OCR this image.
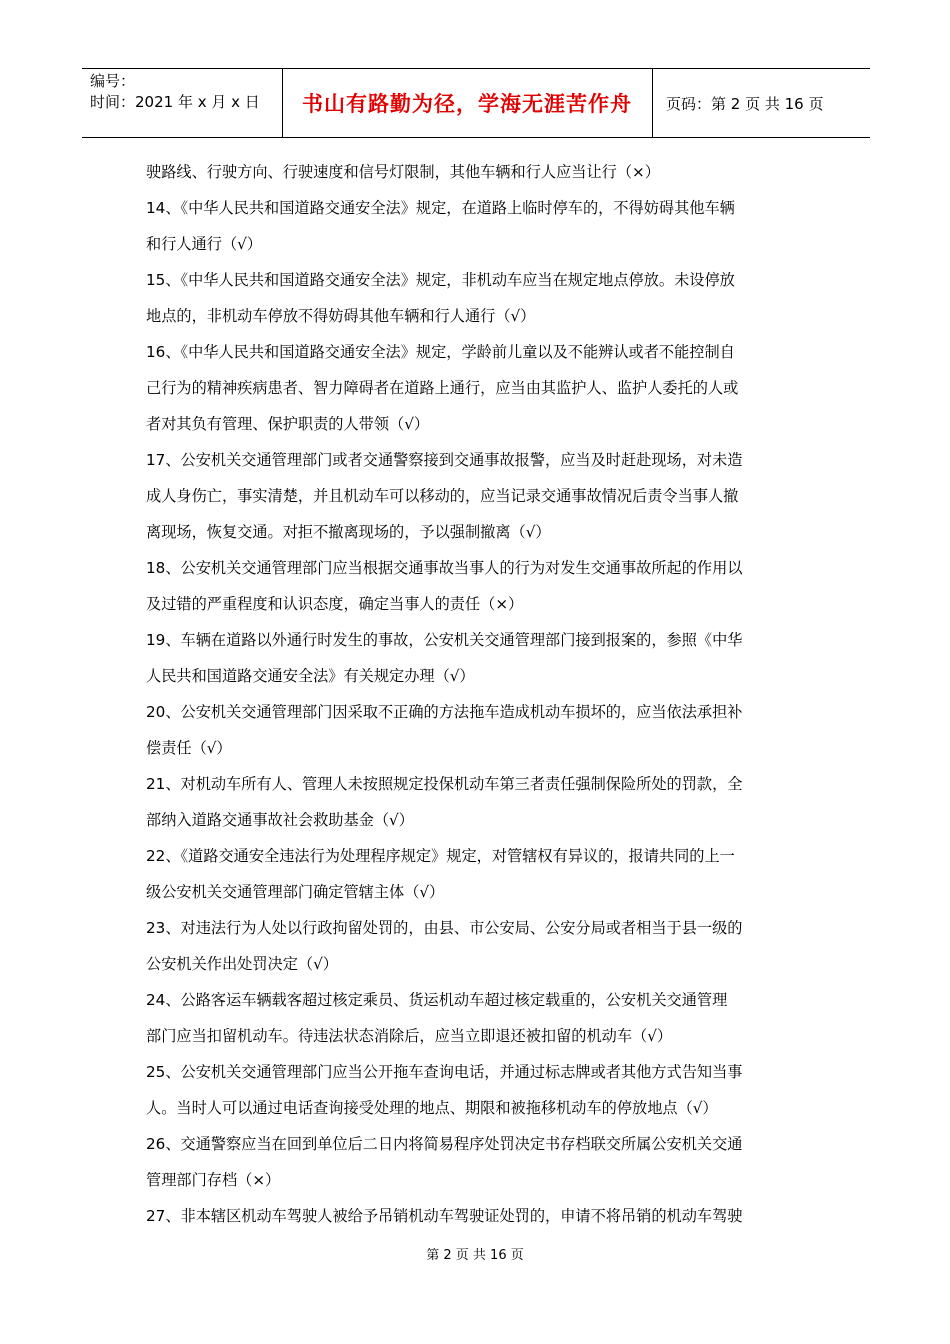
编号：
时间：2021 年 x 月 x 日	书山有路勤为径，学海无涯苦作舟	页码：第 2 页 共 16 页

驶路线、行驶方向、行驶速度和信号灯限制，其他车辆和行人应当让行（×）

14、《中华人民共和国道路交通安全法》规定，在道路上临时停车的，不得妨碍其他车辆

和行人通行（√）

15、《中华人民共和国道路交通安全法》规定，非机动车应当在规定地点停放。未设停放

地点的，非机动车停放不得妨碍其他车辆和行人通行（√）

16、《中华人民共和国道路交通安全法》规定，学龄前儿童以及不能辨认或者不能控制自

己行为的精神疾病患者、智力障碍者在道路上通行，应当由其监护人、监护人委托的人或

者对其负有管理、保护职责的人带领（√）

17、公安机关交通管理部门或者交通警察接到交通事故报警，应当及时赶赴现场，对未造

成人身伤亡，事实清楚，并且机动车可以移动的，应当记录交通事故情况后责令当事人撤

离现场，恢复交通。对拒不撤离现场的，予以强制撤离（√）

18、公安机关交通管理部门应当根据交通事故当事人的行为对发生交通事故所起的作用以

及过错的严重程度和认识态度，确定当事人的责任（×）

19、车辆在道路以外通行时发生的事故，公安机关交通管理部门接到报案的，参照《中华

人民共和国道路交通安全法》有关规定办理（√）

20、公安机关交通管理部门因采取不正确的方法拖车造成机动车损坏的，应当依法承担补

偿责任（√）

21、对机动车所有人、管理人未按照规定投保机动车第三者责任强制保险所处的罚款，全

部纳入道路交通事故社会救助基金（√）

22、《道路交通安全违法行为处理程序规定》规定，对管辖权有异议的，报请共同的上一

级公安机关交通管理部门确定管辖主体（√）

23、对违法行为人处以行政拘留处罚的，由县、市公安局、公安分局或者相当于县一级的

公安机关作出处罚决定（√）

24、公路客运车辆载客超过核定乘员、货运机动车超过核定载重的，公安机关交通管理

部门应当扣留机动车。待违法状态消除后，应当立即退还被扣留的机动车（√）

25、公安机关交通管理部门应当公开拖车查询电话，并通过标志牌或者其他方式告知当事

人。当时人可以通过电话查询接受处理的地点、期限和被拖移机动车的停放地点（√）

26、交通警察应当在回到单位后二日内将简易程序处罚决定书存档联交所属公安机关交通

管理部门存档（×）

27、非本辖区机动车驾驶人被给予吊销机动车驾驶证处罚的，申请不将吊销的机动车驾驶

第 2 页 共 16 页
